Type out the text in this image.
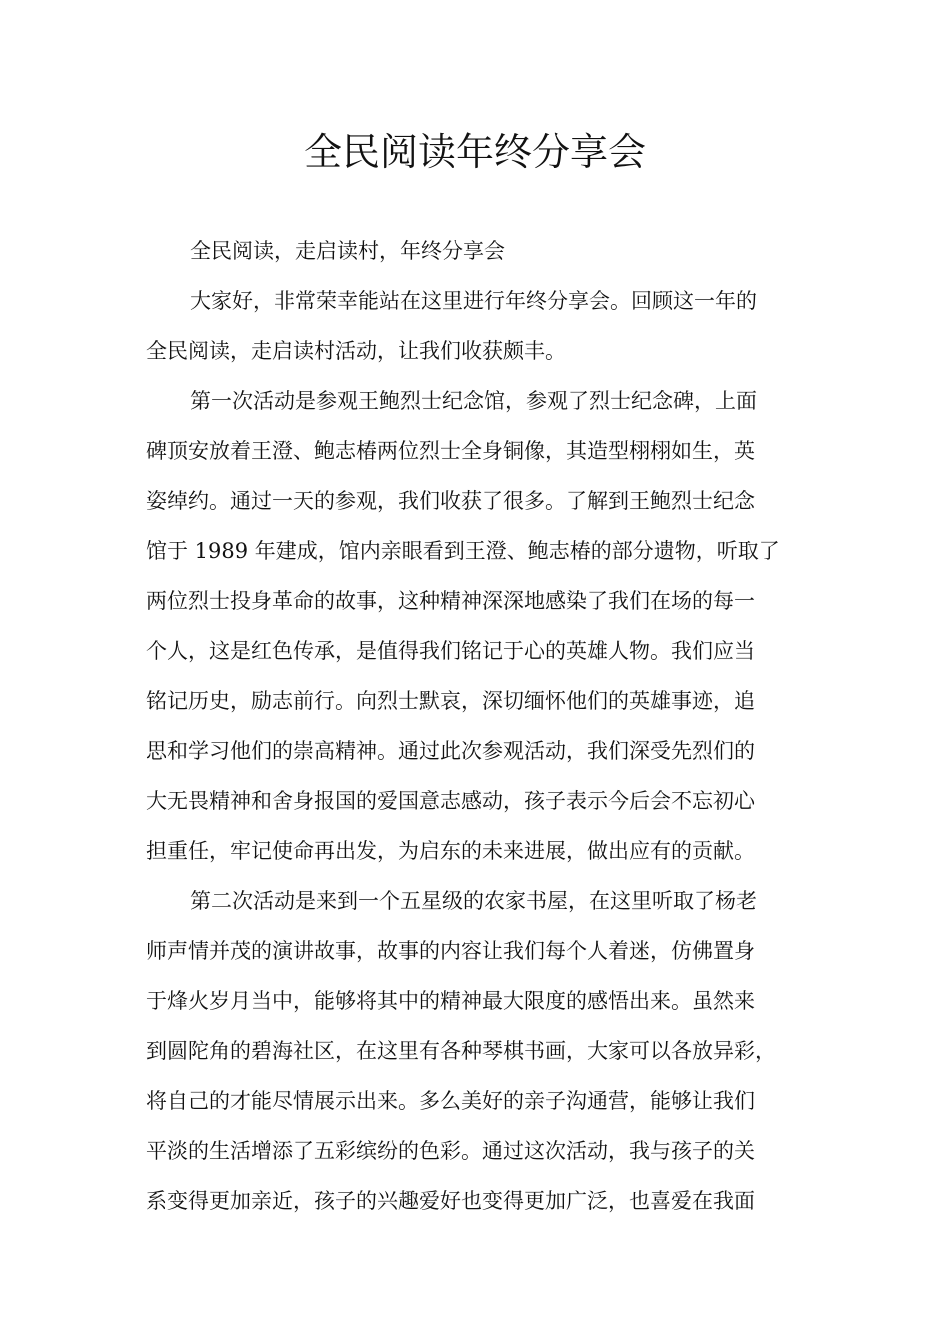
全民阅读年终分享会

全民阅读，走启读村，年终分享会

大家好，非常荣幸能站在这里进行年终分享会。回顾这一年的
全民阅读，走启读村活动，让我们收获颇丰。

第一次活动是参观王鲍烈士纪念馆，参观了烈士纪念碑，上面
碑顶安放着王澄、鲍志椿两位烈士全身铜像，其造型栩栩如生，英
姿绰约。通过一天的参观，我们收获了很多。了解到王鲍烈士纪念
馆于 1989 年建成，馆内亲眼看到王澄、鲍志椿的部分遗物，听取了
两位烈士投身革命的故事，这种精神深深地感染了我们在场的每一
个人，这是红色传承，是值得我们铭记于心的英雄人物。我们应当
铭记历史，励志前行。向烈士默哀，深切缅怀他们的英雄事迹，追
思和学习他们的崇高精神。通过此次参观活动，我们深受先烈们的
大无畏精神和舍身报国的爱国意志感动，孩子表示今后会不忘初心
担重任，牢记使命再出发，为启东的未来进展，做出应有的贡献。

第二次活动是来到一个五星级的农家书屋，在这里听取了杨老
师声情并茂的演讲故事，故事的内容让我们每个人着迷，仿佛置身
于烽火岁月当中，能够将其中的精神最大限度的感悟出来。虽然来
到圆陀角的碧海社区，在这里有各种琴棋书画，大家可以各放异彩，
将自己的才能尽情展示出来。多么美好的亲子沟通营，能够让我们
平淡的生活增添了五彩缤纷的色彩。通过这次活动，我与孩子的关
系变得更加亲近，孩子的兴趣爱好也变得更加广泛，也喜爱在我面
